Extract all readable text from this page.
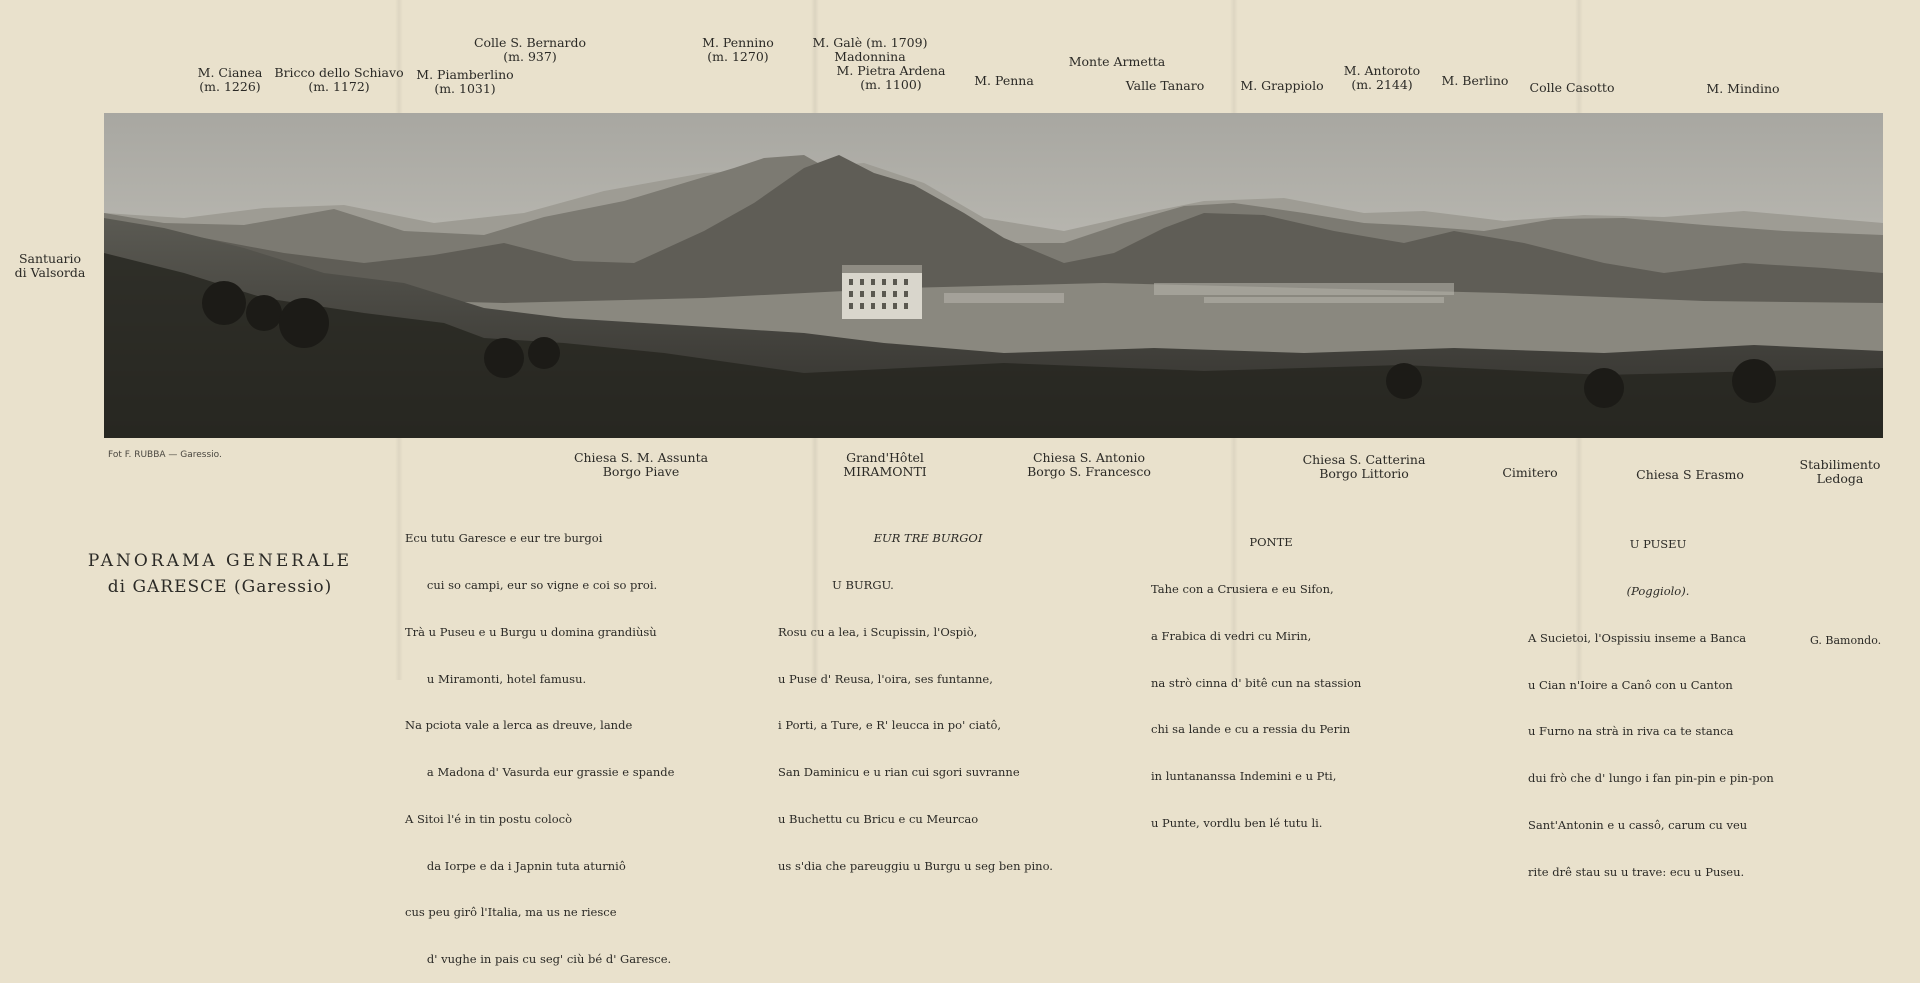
M. Cianea
(m. 1226)
Bricco dello Schiavo
(m. 1172)
M. Piamberlino
(m. 1031)
Colle S. Bernardo
(m. 937)
M. Pennino
(m. 1270)
M. Galè (m. 1709)
Madonnina
M. Pietra Ardena
(m. 1100)	M. Penna
Monte Armetta
Valle Tanaro	M. Grappiolo
M. Antoroto
(m. 2144)	M. Berlino Colle Casotto	M. Mindino
Santuario
di Valsorda
Fot F. RUBBA — Garessio.	Chiesa S. M. Assunta
Borgo Piave
Grand'Hôtel
MIRAMONTI
Chiesa S. Antonio
Borgo S. Francesco
Chiesa S. Catterina
Borgo Littorio	Cimitero	Chiesa S Erasmo
Stabilimento
Ledoga
PANORAMA GENERALE
di GARESCE (Garessio)

Ecu tutu Garesce e eur tre burgoi

cui so campi, eur so vigne e coi so proi.

Trà u Puseu e u Burgu u domina grandiùsù

u Miramonti, hotel famusu.

Na pciota vale a lerca as dreuve, lande

a Madona d' Vasurda eur grassie e spande

A Sitoi l'é in tin postu colocò

da Iorpe e da i Japnin tuta aturniô

cus peu girô l'Italia, ma us ne riesce

d' vughe in pais cu seg' ciù bé d' Garesce.

EUR TRE BURGOI

U BURGU.

Rosu cu a lea, i Scupissin, l'Ospiò,

u Puse d' Reusa, l'oira, ses funtanne,

i Porti, a Ture, e R' leucca in po' ciatô,

San Daminicu e u rian cui sgori suvranne

u Buchettu cu Bricu e cu Meurcao

us s'dia che pareuggiu u Burgu u seg ben pino.

PONTE

Tahe con a Crusiera e eu Sifon,

a Frabica di vedri cu Mirin,

na strò cinna d' bitê cun na stassion

chi sa lande e cu a ressia du Perin

in luntananssa Indemini e u Pti,

u Punte, vordlu ben lé tutu li.

U PUSEU

(Poggiolo).

A Sucietoi, l'Ospissiu inseme a Banca

u Cian n'Ioire a Canô con u Canton

u Furno na strà in riva ca te stanca

dui frò che d' lungo i fan pin-pin e pin-pon

Sant'Antonin e u cassô, carum cu veu

rite drê stau su u trave: ecu u Puseu.

G. Bamondo.
